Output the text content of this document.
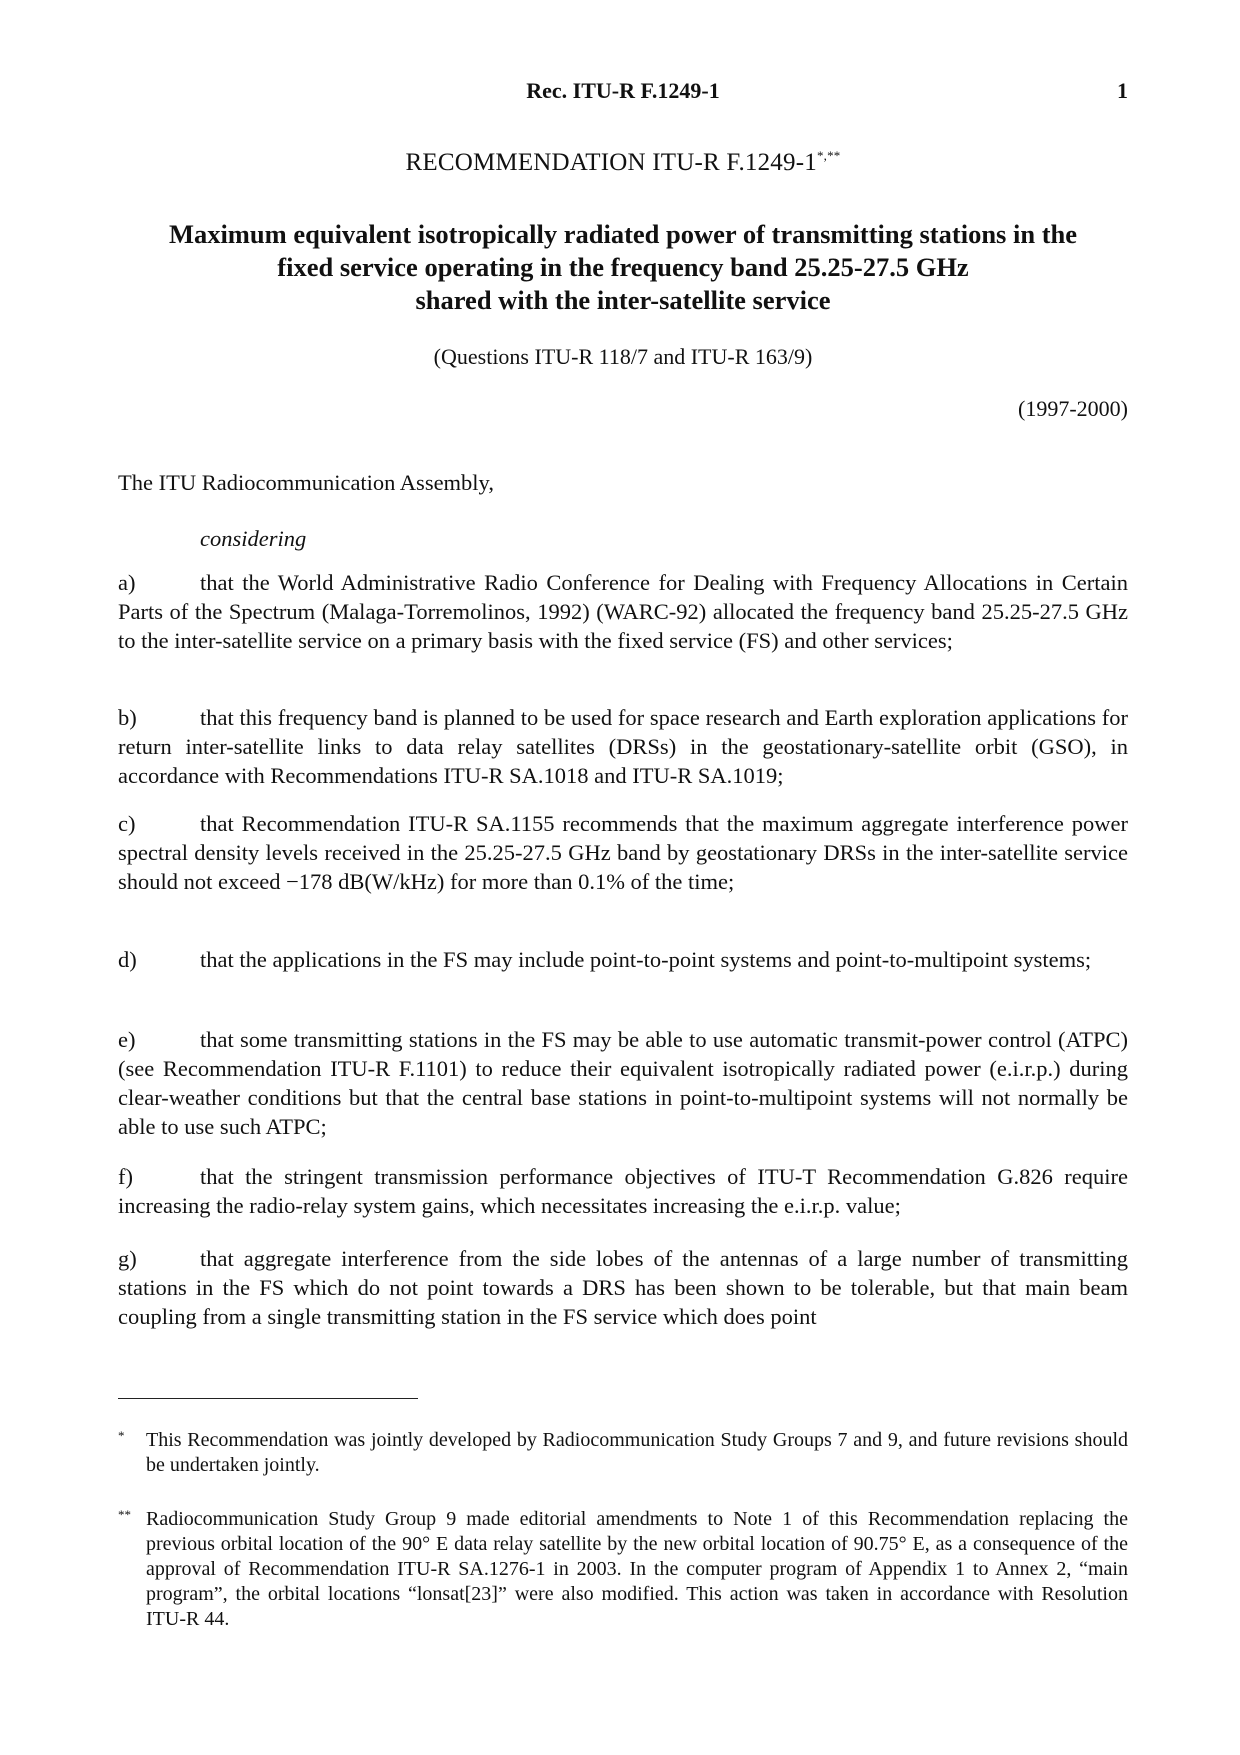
Rec. ITU-R F.1249-1	1
RECOMMENDATION ITU-R F.1249-1*,**
Maximum equivalent isotropically radiated power of transmitting stations in the
fixed service operating in the frequency band 25.25-27.5 GHz
shared with the inter-satellite service
(Questions ITU-R 118/7 and ITU-R 163/9)
(1997-2000)
The ITU Radiocommunication Assembly,
considering

a)	that the World Administrative Radio Conference for Dealing with Frequency Allocations in Certain Parts of the Spectrum (Malaga-Torremolinos, 1992) (WARC-92) allocated the frequency band 25.25-27.5 GHz to the inter-satellite service on a primary basis with the fixed service (FS) and other services;

b)	that this frequency band is planned to be used for space research and Earth exploration applications for return inter-satellite links to data relay satellites (DRSs) in the geostationary-satellite orbit (GSO), in accordance with Recommendations ITU-R SA.1018 and ITU-R SA.1019;

c)	that Recommendation ITU-R SA.1155 recommends that the maximum aggregate interference power spectral density levels received in the 25.25-27.5 GHz band by geostationary DRSs in the inter-satellite service should not exceed −178 dB(W/kHz) for more than 0.1% of the time;

d)	that the applications in the FS may include point-to-point systems and point-to-multipoint systems;

e)	that some transmitting stations in the FS may be able to use automatic transmit-power control (ATPC) (see Recommendation ITU-R F.1101) to reduce their equivalent isotropically radiated power (e.i.r.p.) during clear-weather conditions but that the central base stations in point-to-multipoint systems will not normally be able to use such ATPC;

f)	that the stringent transmission performance objectives of ITU-T Recommendation G.826 require increasing the radio-relay system gains, which necessitates increasing the e.i.r.p. value;

g)	that aggregate interference from the side lobes of the antennas of a large number of transmitting stations in the FS which do not point towards a DRS has been shown to be tolerable, but that main beam coupling from a single transmitting station in the FS service which does point

* This Recommendation was jointly developed by Radiocommunication Study Groups 7 and 9, and future revisions should be undertaken jointly.
** Radiocommunication Study Group 9 made editorial amendments to Note 1 of this Recommendation replacing the previous orbital location of the 90° E data relay satellite by the new orbital location of 90.75° E, as a consequence of the approval of Recommendation ITU-R SA.1276-1 in 2003. In the computer program of Appendix 1 to Annex 2, “main program”, the orbital locations “lonsat[23]” were also modified. This action was taken in accordance with Resolution ITU-R 44.
